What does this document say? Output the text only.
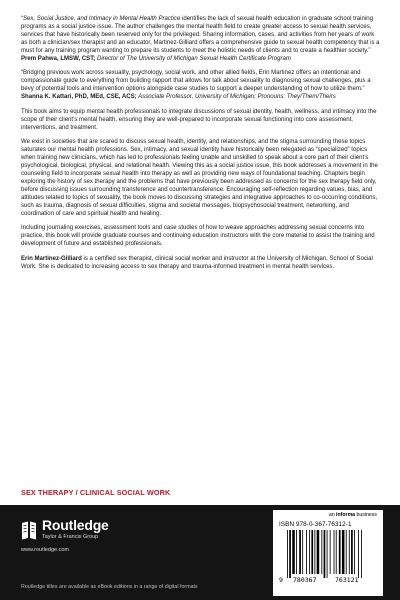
“Sex, Social Justice, and Intimacy in Mental Health Practice identifies the lack of sexual health education in graduate school training programs as a social justice issue. The author challenges the mental health field to create greater access to sexual health services, services that have historically been reserved only for the privileged. Sharing information, cases, and activities from her years of work as both a clinician/sex therapist and an educator, Martinez-Gilliard offers a comprehensive guide to sexual health competency that is a must for any training program wanting to prepare its students to meet the holistic needs of clients and to create a healthier society.”
Prem Pahwa, LMSW, CST; Director of The University of Michigan Sexual Health Certificate Program

“Bridging previous work across sexuality, psychology, social work, and other allied fields, Erin Martinez offers an intentional and compassionate guide to everything from building rapport that allows for talk about sexuality to diagnosing sexual challenges, plus a bevy of potential tools and intervention options alongside case studies to support a deeper understanding of how to utilize them.”
Shanna K. Kattari, PhD, MEd, CSE, ACS; Associate Professor, University of Michigan; Pronouns: They/Them/Theirs

This book aims to equip mental health professionals to integrate discussions of sexual identity, health, wellness, and intimacy into the scope of their client’s mental health, ensuring they are well-prepared to incorporate sexual functioning into core assessment, interventions, and treatment.

We exist in societies that are scared to discuss sexual health, identity, and relationships, and the stigma surrounding these topics saturates our mental health professions. Sex, intimacy, and sexual identity have historically been relegated as “specialized” topics when training new clinicians, which has led to professionals feeling unable and unskilled to speak about a core part of their client’s psychological, biological, physical, and relational health. Viewing this as a social justice issue, this book addresses a movement in the counseling field to incorporate sexual health into therapy as well as providing new ways of foundational teaching. Chapters begin exploring the history of sex therapy and the problems that have previously been addressed as concerns for the sex therapy field only, before discussing issues surrounding transference and countertransference. Encouraging self-reflection regarding values, bias, and attitudes related to topics of sexuality, the book moves to discussing strategies and integrative approaches to co-occurring conditions, such as trauma, diagnosis of sexual difficulties, stigma and societal messages, biopsychosocial treatment, networking, and coordination of care and spiritual health and healing.

Including journaling exercises, assessment tools and case studies of how to weave approaches addressing sexual concerns into practice, this book will provide graduate courses and continuing education instructors with the core material to assist the training and development of future and established professionals.

Erin Martinez-Gilliard is a certified sex therapist, clinical social worker and instructor at the University of Michigan, School of Social Work. She is dedicated to increasing access to sex therapy and trauma-informed treatment in mental health services.

SEX THERAPY / CLINICAL SOCIAL WORK
Routledge
Taylor & Francis Group
www.routledge.com
Routledge titles are available as eBook editions in a range of digital formats
an informa business
ISBN 978-0-367-76312-1
9 780367	763121
